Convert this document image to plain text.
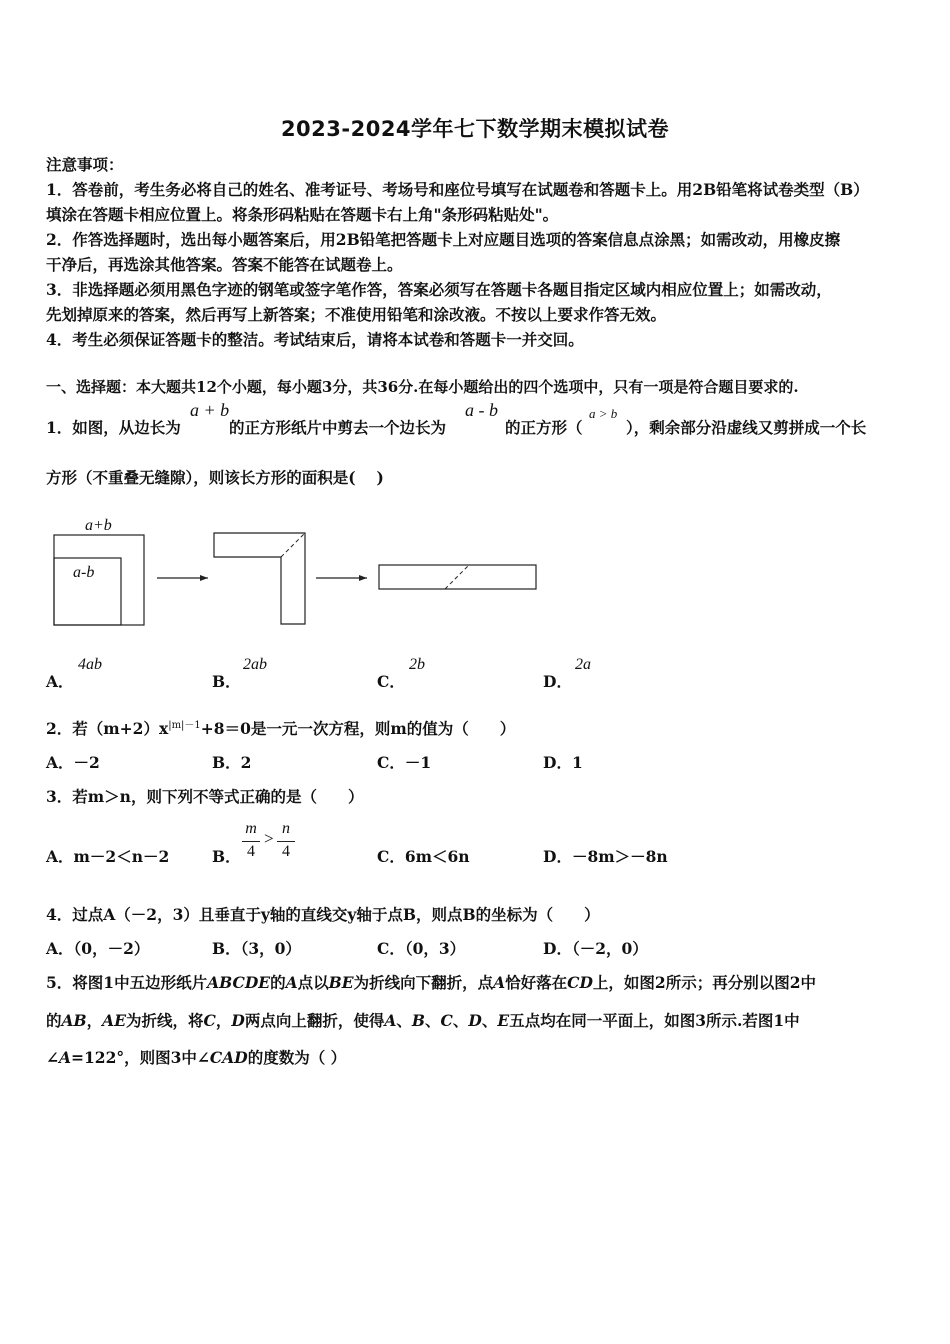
2023-2024学年七下数学期末模拟试卷
注意事项：
1．答卷前，考生务必将自己的姓名、准考证号、考场号和座位号填写在试题卷和答题卡上。用2B铅笔将试卷类型（B）
填涂在答题卡相应位置上。将条形码粘贴在答题卡右上角"条形码粘贴处"。
2．作答选择题时，选出每小题答案后，用2B铅笔把答题卡上对应题目选项的答案信息点涂黑；如需改动，用橡皮擦
干净后，再选涂其他答案。答案不能答在试题卷上。
3．非选择题必须用黑色字迹的钢笔或签字笔作答，答案必须写在答题卡各题目指定区域内相应位置上；如需改动，
先划掉原来的答案，然后再写上新答案；不准使用铅笔和涂改液。不按以上要求作答无效。
4．考生必须保证答题卡的整洁。考试结束后，请将本试卷和答题卡一并交回。
一、选择题：本大题共12个小题，每小题3分，共36分.在每小题给出的四个选项中，只有一项是符合题目要求的.
1．如图，从边长为
a + b
的正方形纸片中剪去一个边长为
a - b
的正方形（
a > b
），剩余部分沿虚线又剪拼成一个长
方形（不重叠无缝隙），则该长方形的面积是(　 )
a+b
a-b
A．
4ab
B．
2ab
C．
2b
D．
2a
2．若$(m+2)x^{|m|-1}+8=0$是一元一次方程，则m的值为（　　）
A．－2	B．2	C．－1	D．1
3．若m＞n，则下列不等式正确的是（　　）
A．m－2＜n－2	B．
m
4
>
n
4	C．6m＜6n	D．－8m＞－8n
4．过点A（－2，3）且垂直于y轴的直线交y轴于点B，则点B的坐标为（　　）
A．（0，－2）	B．（3，0）	C．（0，3）	D．（－2，0）
5．将图1中五边形纸片ABCDE的A点以BE为折线向下翻折，点A恰好落在CD上，如图2所示；再分别以图2中
的AB，AE为折线，将C，D两点向上翻折，使得A、B、C、D、E五点均在同一平面上，如图3所示.若图1中
∠A=122°，则图3中∠CAD的度数为（ ）
